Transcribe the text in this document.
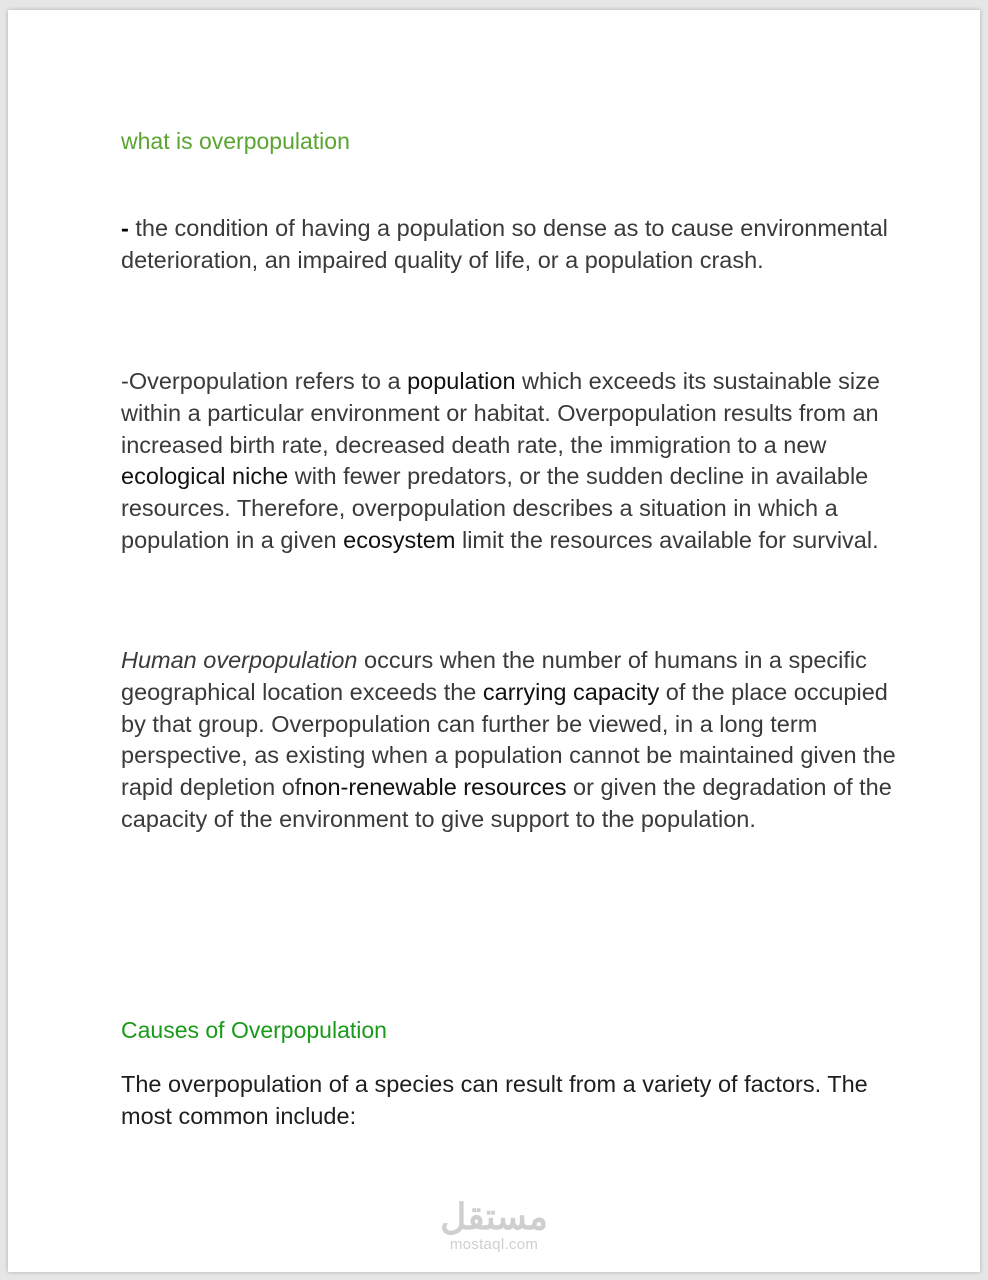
what is overpopulation

- the condition of having a population so dense as to cause environmental deterioration, an impaired quality of life, or a population crash.

-Overpopulation refers to a population which exceeds its sustainable size within a particular environment or habitat. Overpopulation results from an increased birth rate, decreased death rate, the immigration to a new ecological niche with fewer predators, or the sudden decline in available resources. Therefore, overpopulation describes a situation in which a population in a given ecosystem limit the resources available for survival.

Human overpopulation occurs when the number of humans in a specific geographical location exceeds the carrying capacity of the place occupied by that group. Overpopulation can further be viewed, in a long term perspective, as existing when a population cannot be maintained given the rapid depletion ofnon-renewable resources or given the degradation of the capacity of the environment to give support to the population.

Causes of Overpopulation

The overpopulation of a species can result from a variety of factors. The most common include:

مستقل
mostaql.com
